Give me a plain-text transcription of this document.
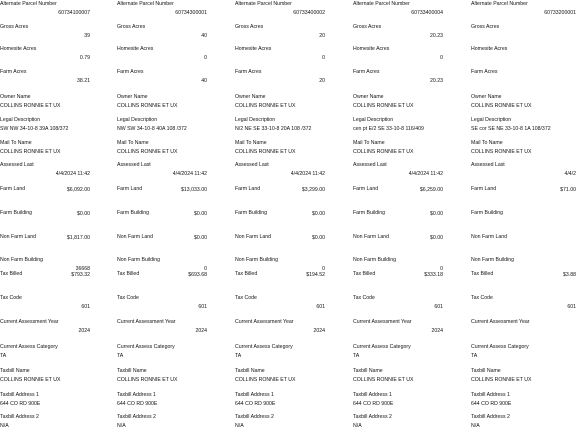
Alternate Parcel Number
60734100007
Gross Acres
39
Homesite Acres
0.79
Farm Acres
38.21
Owner Name
COLLINS RONNIE ET UX
Legal Description
SW NW 34-10-8 39A 108/372
Mail To Name
COLLINS RONNIE ET UX
Assessed Last
4/4/2024 11:42
Farm Land	$6,092.00
Farm Building	$0.00
Non Farm Land	$1,817.00
Non Farm Building
36668
Tax Billed	$793.32
Tax Code
601
Current Assessment Year
2024
Current Assess Category
TA
Taxbill Name
COLLINS RONNIE ET UX
Taxbill Address 1
644 CO RD 900E
Taxbill Address 2
N/A
Alternate Parcel Number
60734300001
Gross Acres
40
Homesite Acres
0
Farm Acres
40
Owner Name
COLLINS RONNIE ET UX
Legal Description
NW SW 34-10-8 40A 108 /372
Mail To Name
COLLINS RONNIE ET UX
Assessed Last
4/4/2024 11:42
Farm Land	$13,033.00
Farm Building	$0.00
Non Farm Land	$0.00
Non Farm Building
0
Tax Billed	$693.68
Tax Code
601
Current Assessment Year
2024
Current Assess Category
TA
Taxbill Name
COLLINS RONNIE ET UX
Taxbill Address 1
644 CO RD 900E
Taxbill Address 2
N/A
Alternate Parcel Number
60733400002
Gross Acres
20
Homesite Acres
0
Farm Acres
20
Owner Name
COLLINS RONNIE ET UX
Legal Description
N/2 NE SE 33-10-8 20A 108 /372
Mail To Name
COLLINS RONNIE ET UX
Assessed Last
4/4/2024 11:42
Farm Land	$3,299.00
Farm Building	$0.00
Non Farm Land	$0.00
Non Farm Building
0
Tax Billed	$194.52
Tax Code
601
Current Assessment Year
2024
Current Assess Category
TA
Taxbill Name
COLLINS RONNIE ET UX
Taxbill Address 1
644 CO RD 900E
Taxbill Address 2
N/A
Alternate Parcel Number
60733400004
Gross Acres
20.23
Homesite Acres
0
Farm Acres
20.23
Owner Name
COLLINS RONNIE ET UX
Legal Description
cen pt E/2 SE 33-10-8 116/409
Mail To Name
COLLINS RONNIE ET UX
Assessed Last
4/4/2024 11:42
Farm Land	$6,259.00
Farm Building	$0.00
Non Farm Land	$0.00
Non Farm Building
0
Tax Billed	$333.18
Tax Code
601
Current Assessment Year
2024
Current Assess Category
TA
Taxbill Name
COLLINS RONNIE ET UX
Taxbill Address 1
644 CO RD 900E
Taxbill Address 2
N/A
Alternate Parcel Number
60733200001
Gross Acres
Homesite Acres
Farm Acres
Owner Name
COLLINS RONNIE ET UX
Legal Description
SE cor SE NE 33-10-8 1A 108/372
Mail To Name
COLLINS RONNIE ET UX
Assessed Last
4/4/2
Farm Land	$71.00
Farm Building
Non Farm Land
Non Farm Building
Tax Billed	$3.88
Tax Code
601
Current Assessment Year
Current Assess Category
TA
Taxbill Name
COLLINS RONNIE ET UX
Taxbill Address 1
644 CO RD 900E
Taxbill Address 2
N/A
